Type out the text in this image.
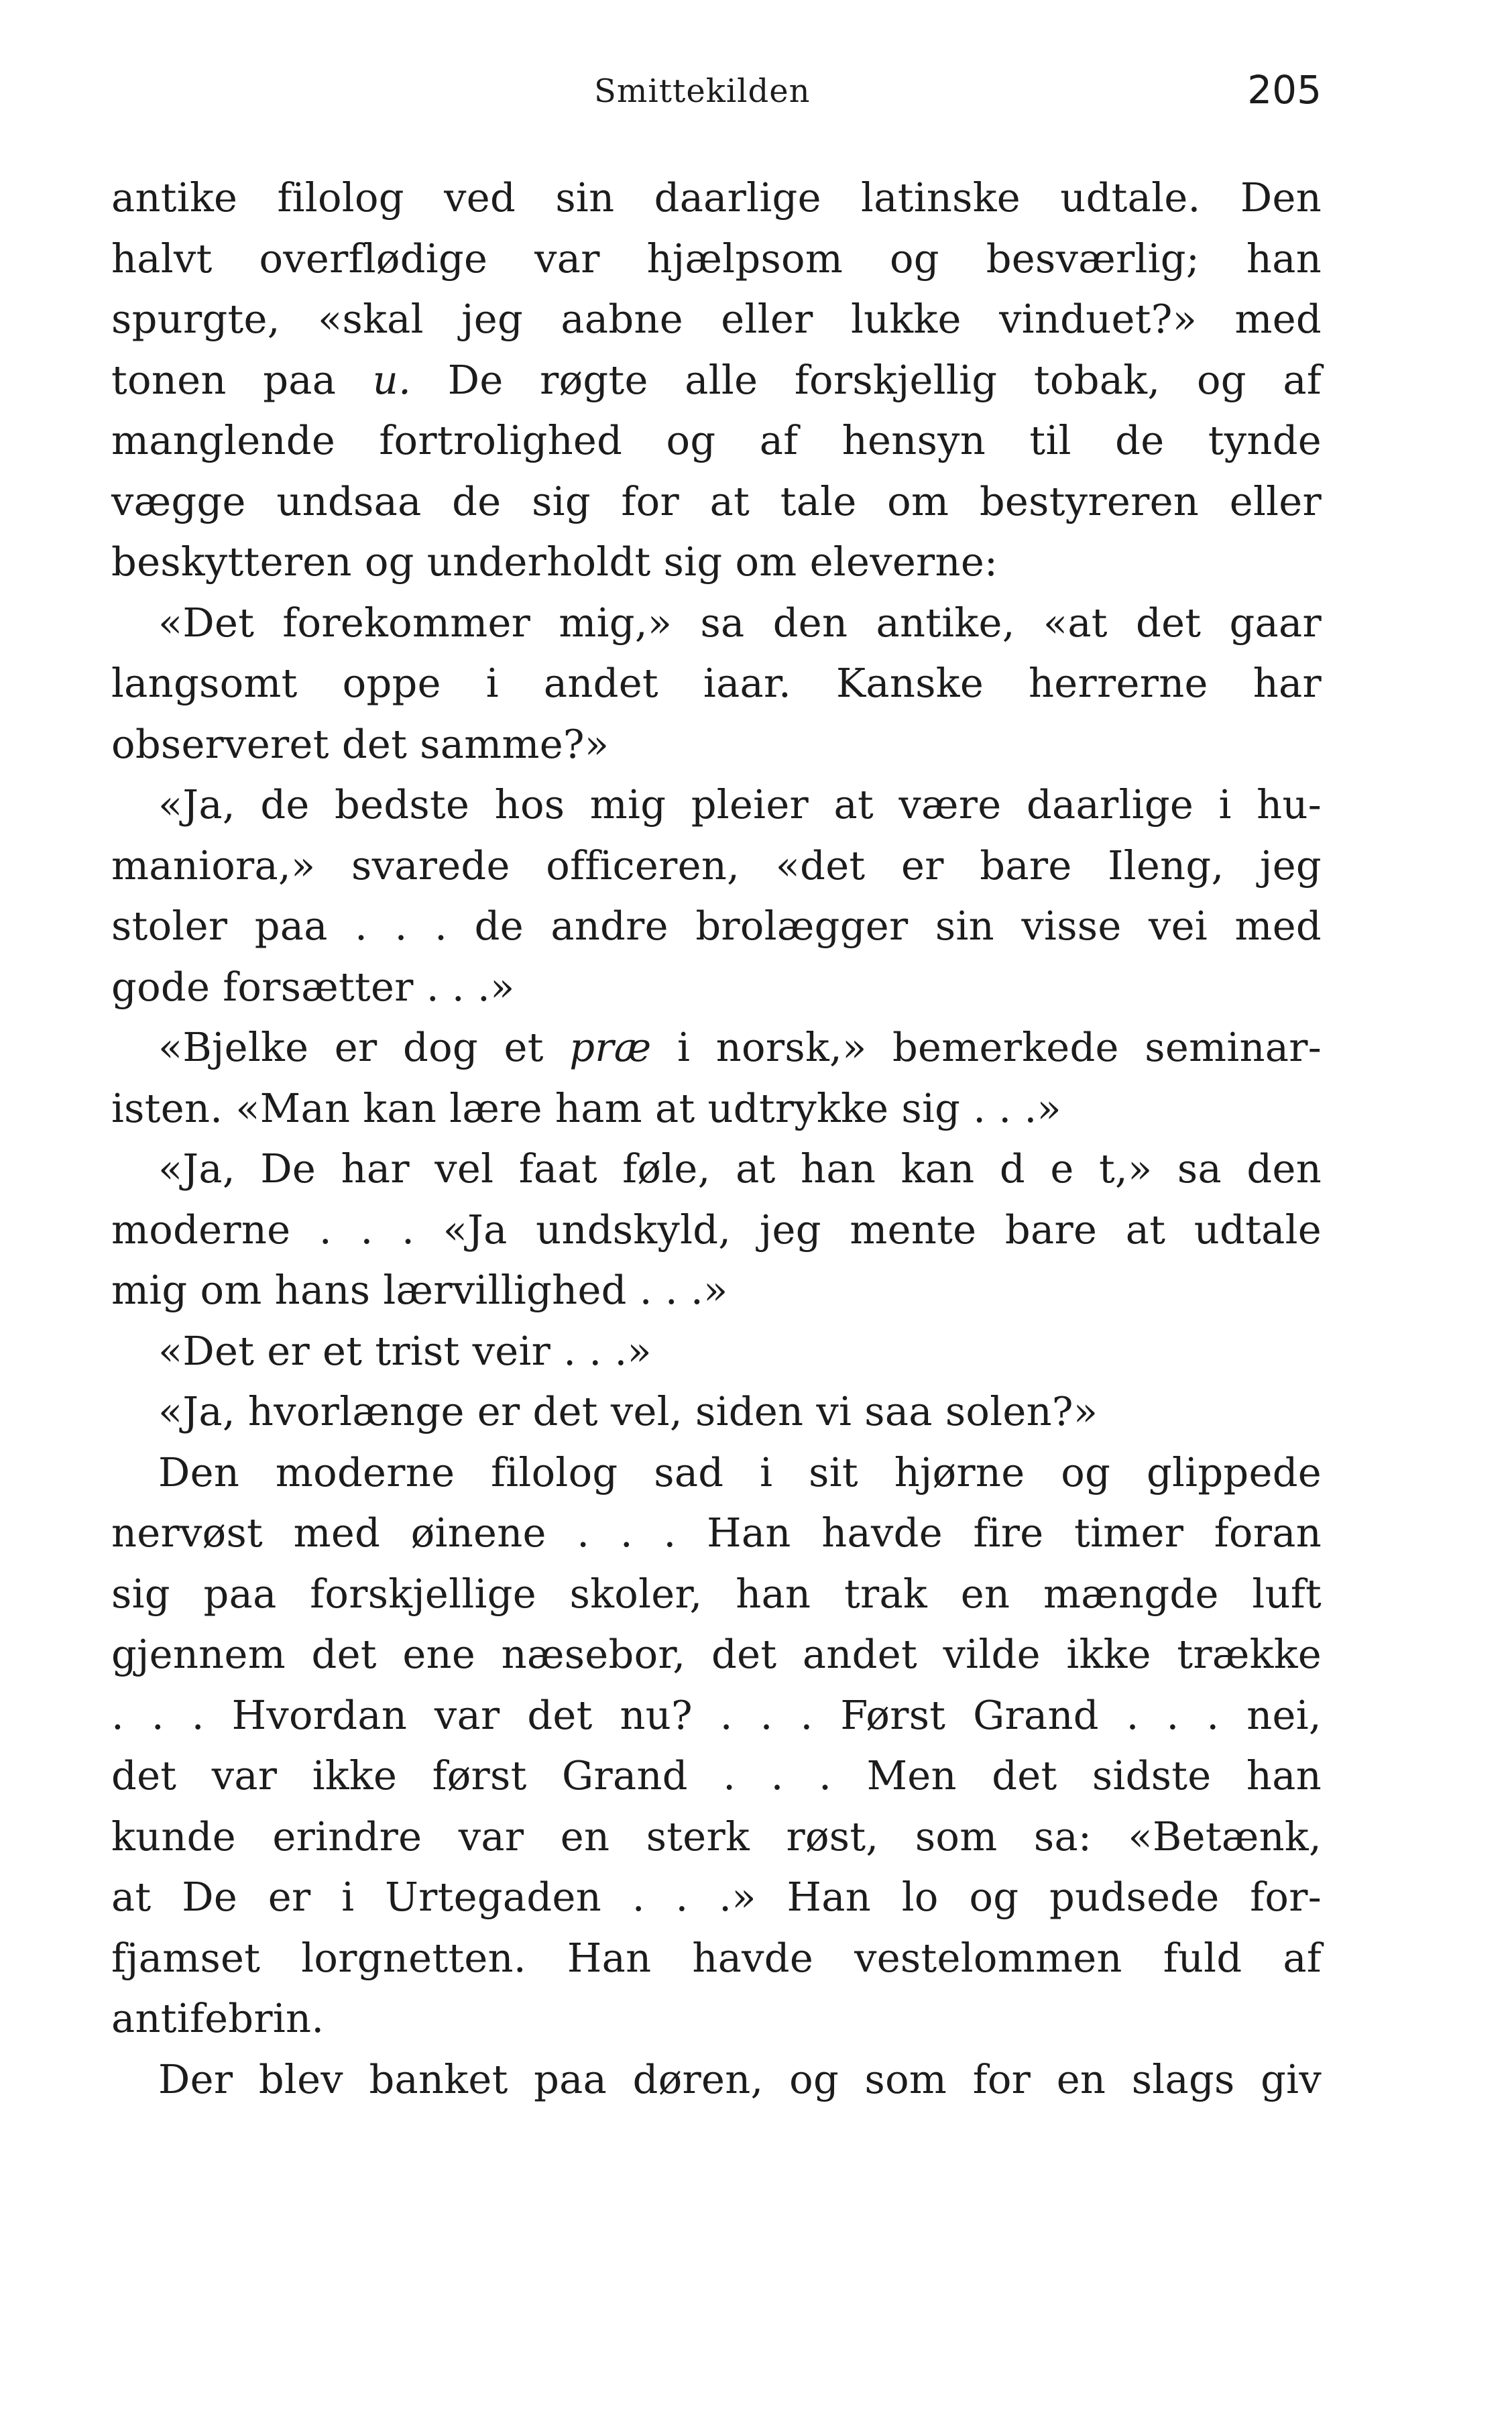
Smittekilden	205
antike filolog ved sin daarlige latinske udtale. Den
halvt overflødige var hjælpsom og besværlig; han
spurgte, «skal jeg aabne eller lukke vinduet?» med
tonen paa u. De røgte alle forskjellig tobak, og af
manglende fortrolighed og af hensyn til de tynde
vægge undsaa de sig for at tale om bestyreren eller
beskytteren og underholdt sig om eleverne:
«Det forekommer mig,» sa den antike, «at det gaar
langsomt oppe i andet iaar. Kanske herrerne har
observeret det samme?»
«Ja, de bedste hos mig pleier at være daarlige i hu-
maniora,» svarede officeren, «det er bare Ileng, jeg
stoler paa . . . de andre brolægger sin visse vei med
gode forsætter . . .»
«Bjelke er dog et præ i norsk,» bemerkede seminar-
isten. «Man kan lære ham at udtrykke sig . . .»
«Ja, De har vel faat føle, at han kan d e t,» sa den
moderne . . . «Ja undskyld, jeg mente bare at udtale
mig om hans lærvillighed . . .»
«Det er et trist veir . . .»
«Ja, hvorlænge er det vel, siden vi saa solen?»
Den moderne filolog sad i sit hjørne og glippede
nervøst med øinene . . . Han havde fire timer foran
sig paa forskjellige skoler, han trak en mængde luft
gjennem det ene næsebor, det andet vilde ikke trække
. . . Hvordan var det nu? . . . Først Grand . . . nei,
det var ikke først Grand . . . Men det sidste han
kunde erindre var en sterk røst, som sa: «Betænk,
at De er i Urtegaden . . .» Han lo og pudsede for-
fjamset lorgnetten. Han havde vestelommen fuld af
antifebrin.
Der blev banket paa døren, og som for en slags giv
